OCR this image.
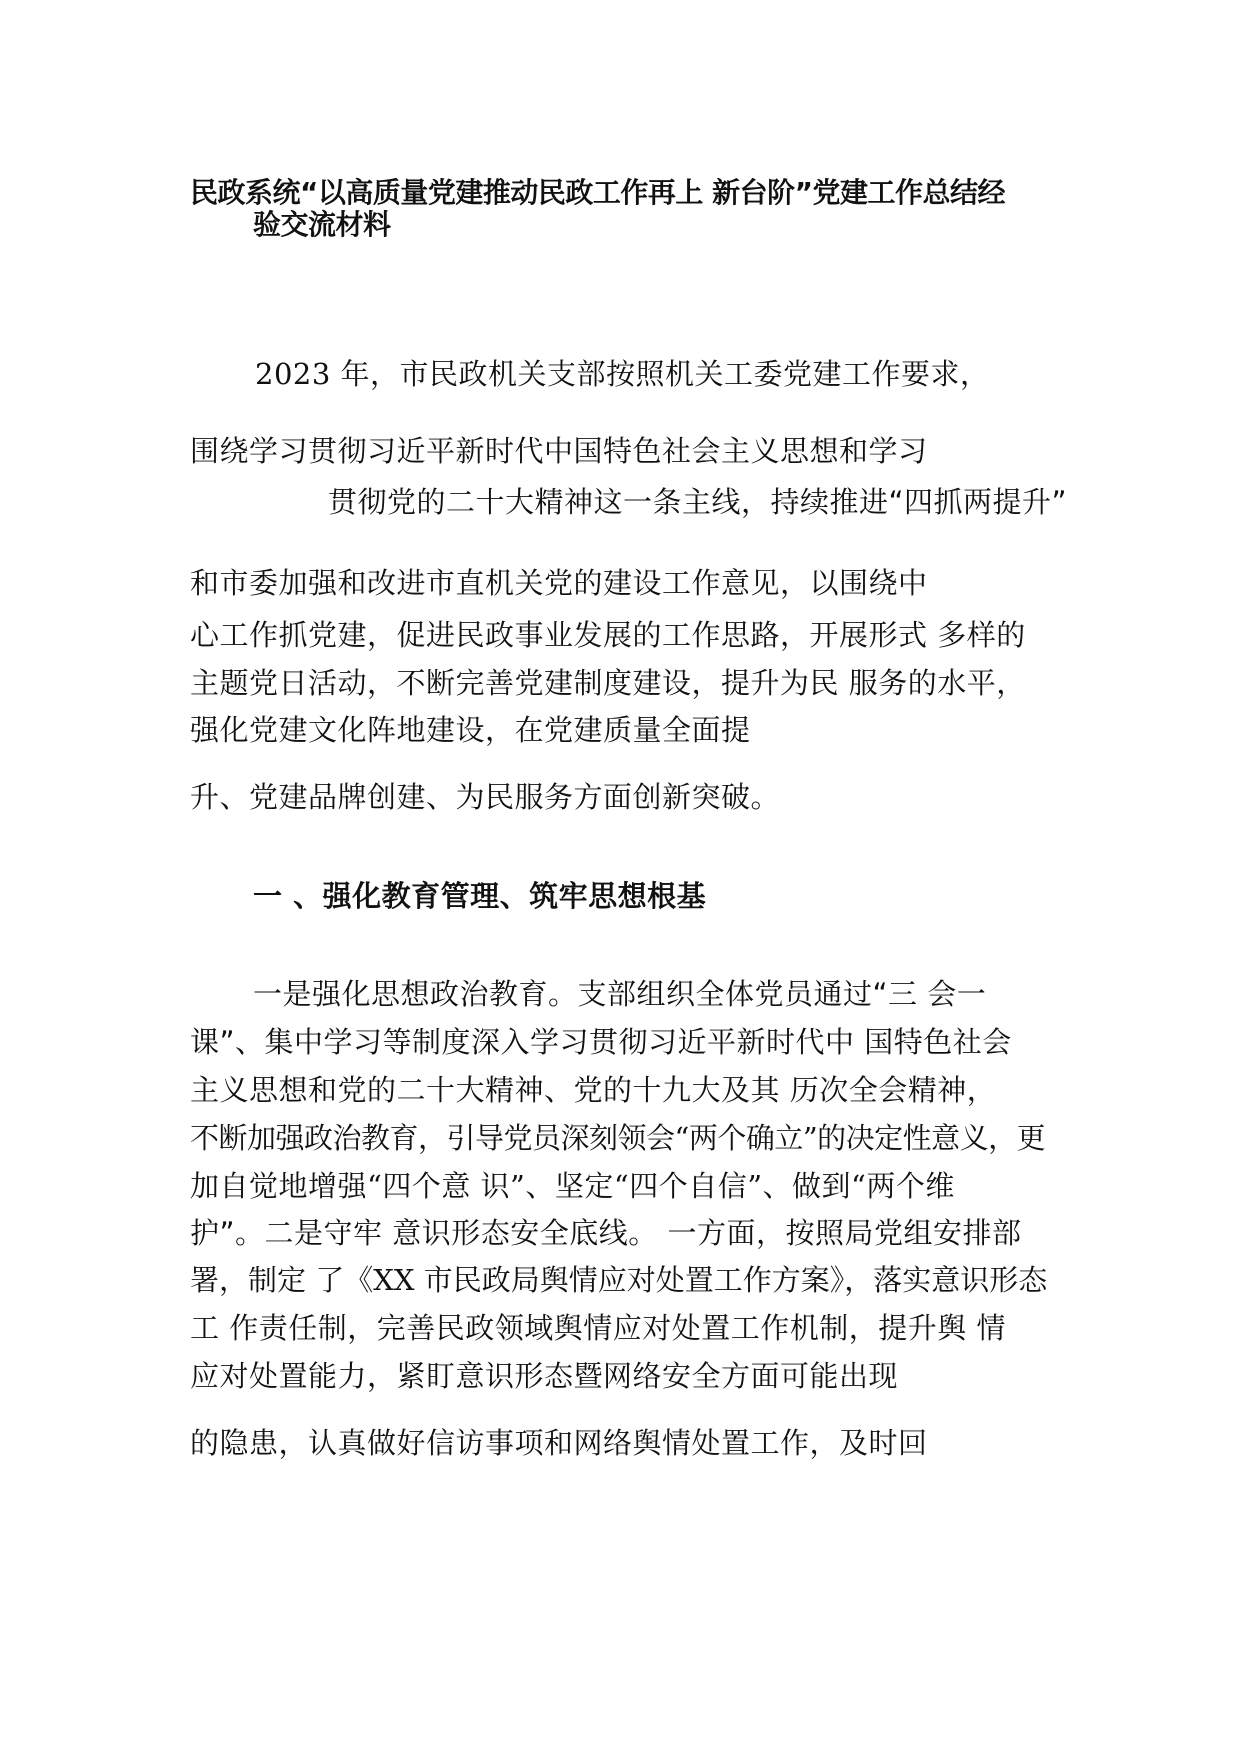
民政系统“以高质量党建推动民政工作再上 新台阶”党建工作总结经
验交流材料
2023 年，市民政机关支部按照机关工委党建工作要求，
围绕学习贯彻习近平新时代中国特色社会主义思想和学习
贯彻党的二十大精神这一条主线，持续推进“四抓两提升”
和市委加强和改进市直机关党的建设工作意见，以围绕中
心工作抓党建，促进民政事业发展的工作思路，开展形式 多样的
主题党日活动，不断完善党建制度建设，提升为民 服务的水平，
强化党建文化阵地建设，在党建质量全面提
升、党建品牌创建、为民服务方面创新突破。
一 、强化教育管理、筑牢思想根基
一是强化思想政治教育。支部组织全体党员通过“三 会一
课”、集中学习等制度深入学习贯彻习近平新时代中 国特色社会
主义思想和党的二十大精神、党的十九大及其 历次全会精神，
不断加强政治教育，引导党员深刻领会“两个确立”的决定性意义，更
加自觉地增强“四个意 识”、坚定“四个自信”、做到“两个维
护”。二是守牢 意识形态安全底线。 一方面，按照局党组安排部
署，制定 了《XX 市民政局舆情应对处置工作方案》，落实意识形态
工 作责任制，完善民政领域舆情应对处置工作机制，提升舆 情
应对处置能力，紧盯意识形态暨网络安全方面可能出现
的隐患，认真做好信访事项和网络舆情处置工作，及时回
